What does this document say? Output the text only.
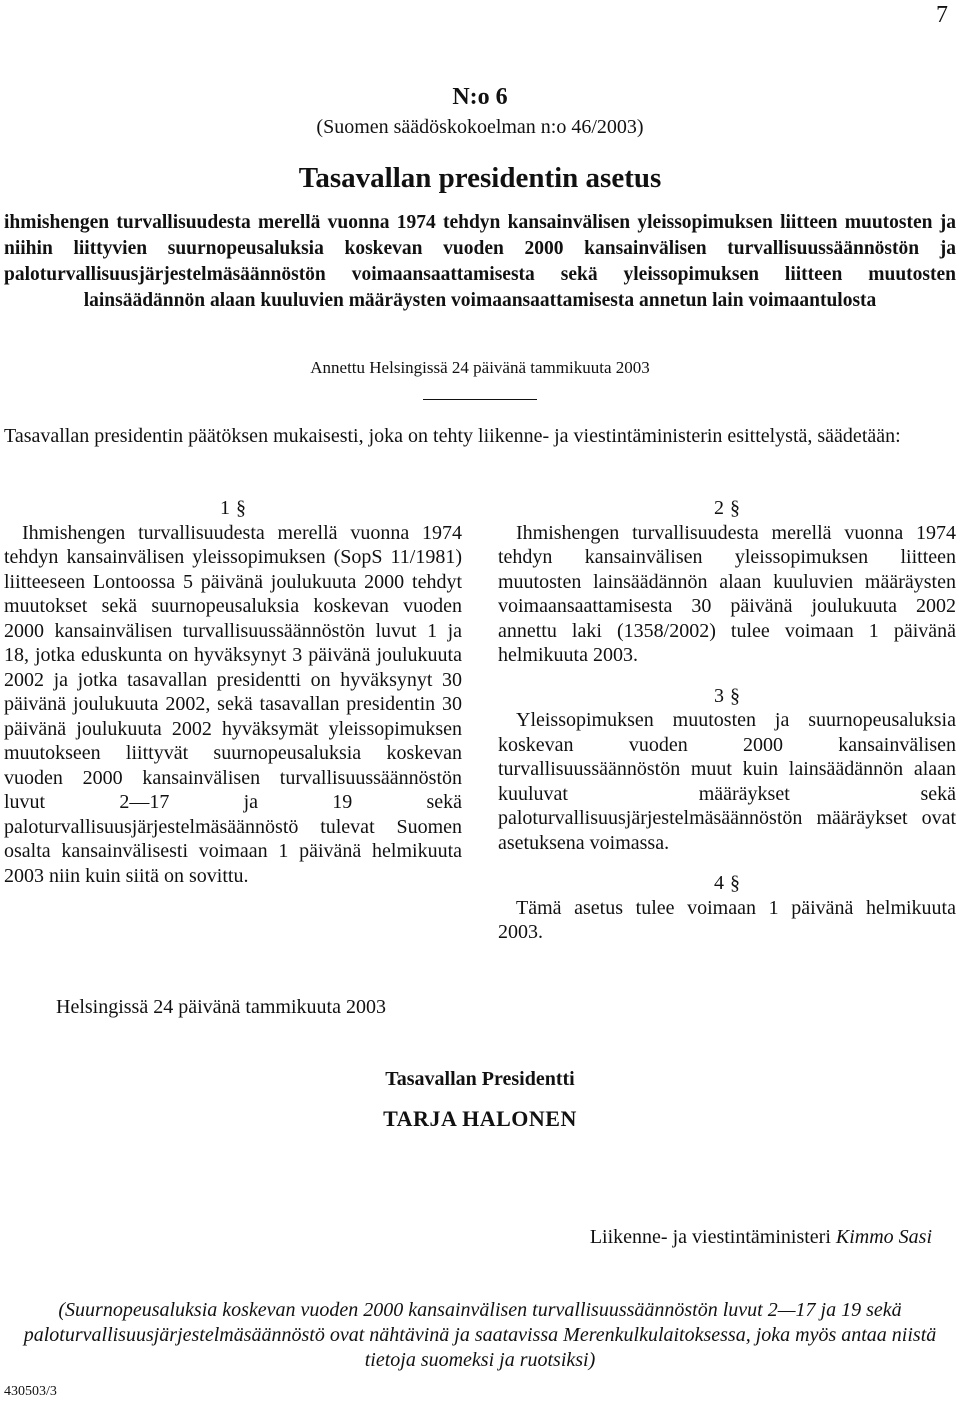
7
N:o 6
(Suomen säädöskokoelman n:o 46/2003)
Tasavallan presidentin asetus
ihmishengen turvallisuudesta merellä vuonna 1974 tehdyn kansainvälisen yleissopimuksen liitteen muutosten ja niihin liittyvien suurnopeusaluksia koskevan vuoden 2000 kansainvälisen turvallisuussäännöstön ja paloturvallisuusjärjestelmäsäännöstön voimaansaattamisesta sekä yleissopimuksen liitteen muutosten lainsäädännön alaan kuuluvien määräysten voimaansaattamisesta annetun lain voimaantulosta
Annettu Helsingissä 24 päivänä tammikuuta 2003
Tasavallan presidentin päätöksen mukaisesti, joka on tehty liikenne- ja viestintäministerin esittelystä, säädetään:

1 §

Ihmishengen turvallisuudesta merellä vuonna 1974 tehdyn kansainvälisen yleissopimuksen (SopS 11/1981) liitteeseen Lontoossa 5 päivänä joulukuuta 2000 tehdyt muutokset sekä suurnopeusaluksia koskevan vuoden 2000 kansainvälisen turvallisuussäännöstön luvut 1 ja 18, jotka eduskunta on hyväksynyt 3 päivänä joulukuuta 2002 ja jotka tasavallan presidentti on hyväksynyt 30 päivänä joulukuuta 2002, sekä tasavallan presidentin 30 päivänä joulukuuta 2002 hyväksymät yleissopimuksen muutokseen liittyvät suurnopeusaluksia koskevan vuoden 2000 kansainvälisen turvallisuussäännöstön luvut 2—17 ja 19 sekä paloturvallisuusjärjestelmäsäännöstö tulevat Suomen osalta kansainvälisesti voimaan 1 päivänä helmikuuta 2003 niin kuin siitä on sovittu.

2 §

Ihmishengen turvallisuudesta merellä vuonna 1974 tehdyn kansainvälisen yleissopimuksen liitteen muutosten lainsäädännön alaan kuuluvien määräysten voimaansaattamisesta 30 päivänä joulukuuta 2002 annettu laki (1358/2002) tulee voimaan 1 päivänä helmikuuta 2003.

3 §

Yleissopimuksen muutosten ja suurnopeusaluksia koskevan vuoden 2000 kansainvälisen turvallisuussäännöstön muut kuin lainsäädännön alaan kuuluvat määräykset sekä paloturvallisuusjärjestelmäsäännöstön määräykset ovat asetuksena voimassa.

4 §

Tämä asetus tulee voimaan 1 päivänä helmikuuta 2003.

Helsingissä 24 päivänä tammikuuta 2003
Tasavallan Presidentti
TARJA HALONEN
Liikenne- ja viestintäministeri Kimmo Sasi
(Suurnopeusaluksia koskevan vuoden 2000 kansainvälisen turvallisuussäännöstön luvut 2—17 ja 19 sekä paloturvallisuusjärjestelmäsäännöstö ovat nähtävinä ja saatavissa Merenkulkulaitoksessa, joka myös antaa niistä tietoja suomeksi ja ruotsiksi)
430503/3
